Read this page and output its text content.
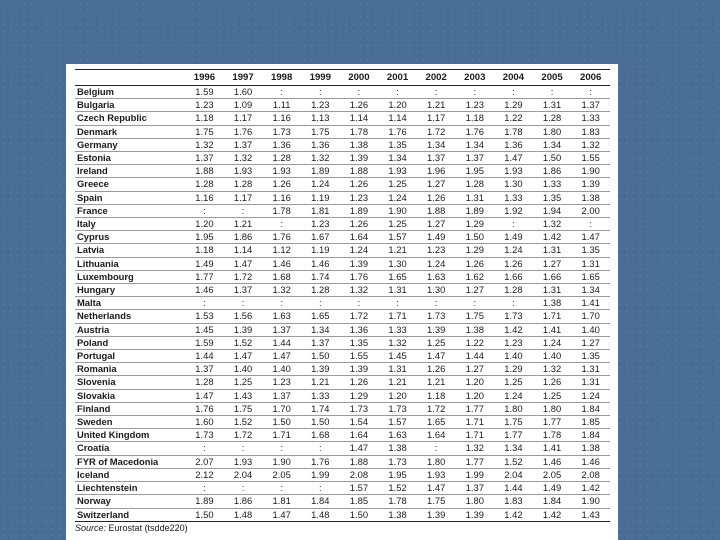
	1996	1997	1998	1999	2000	2001	2002	2003	2004	2005	2006
Belgium	1.59	1.60	:	:	:	:	:	:	:	:	:
Bulgaria	1.23	1.09	1.11	1.23	1.26	1.20	1.21	1.23	1.29	1.31	1.37
Czech Republic	1.18	1.17	1.16	1.13	1.14	1.14	1.17	1.18	1.22	1.28	1.33
Denmark	1.75	1.76	1.73	1.75	1.78	1.76	1.72	1.76	1.78	1.80	1.83
Germany	1.32	1.37	1.36	1.36	1.38	1.35	1.34	1.34	1.36	1.34	1.32
Estonia	1.37	1.32	1.28	1.32	1.39	1.34	1.37	1.37	1.47	1.50	1.55
Ireland	1.88	1.93	1.93	1.89	1.88	1.93	1.96	1.95	1.93	1.86	1.90
Greece	1.28	1.28	1.26	1.24	1.26	1.25	1.27	1.28	1.30	1.33	1.39
Spain	1.16	1.17	1.16	1.19	1.23	1.24	1.26	1.31	1.33	1.35	1.38
France	:	:	1.78	1.81	1.89	1.90	1.88	1.89	1.92	1.94	2.00
Italy	1.20	1.21	:	1.23	1.26	1.25	1.27	1.29	:	1.32	:
Cyprus	1.95	1.86	1.76	1.67	1.64	1.57	1.49	1.50	1.49	1.42	1.47
Latvia	1.18	1.14	1.12	1.19	1.24	1.21	1.23	1.29	1.24	1.31	1.35
Lithuania	1.49	1.47	1.46	1.46	1.39	1.30	1.24	1.26	1.26	1.27	1.31
Luxembourg	1.77	1.72	1.68	1.74	1.76	1.65	1.63	1.62	1.66	1.66	1.65
Hungary	1.46	1.37	1.32	1.28	1.32	1.31	1.30	1.27	1.28	1.31	1.34
Malta	:	:	:	:	:	:	:	:	:	1.38	1.41
Netherlands	1.53	1.56	1.63	1.65	1.72	1.71	1.73	1.75	1.73	1.71	1.70
Austria	1.45	1.39	1.37	1.34	1.36	1.33	1.39	1.38	1.42	1.41	1.40
Poland	1.59	1.52	1.44	1.37	1.35	1.32	1.25	1.22	1.23	1.24	1.27
Portugal	1.44	1.47	1.47	1.50	1.55	1.45	1.47	1.44	1.40	1.40	1.35
Romania	1.37	1.40	1.40	1.39	1.39	1.31	1.26	1.27	1.29	1.32	1.31
Slovenia	1.28	1.25	1.23	1.21	1.26	1.21	1.21	1.20	1.25	1.26	1.31
Slovakia	1.47	1.43	1.37	1.33	1.29	1.20	1.18	1.20	1.24	1.25	1.24
Finland	1.76	1.75	1.70	1.74	1.73	1.73	1.72	1.77	1.80	1.80	1.84
Sweden	1.60	1.52	1.50	1.50	1.54	1.57	1.65	1.71	1.75	1.77	1.85
United Kingdom	1.73	1.72	1.71	1.68	1.64	1.63	1.64	1.71	1.77	1.78	1.84
Croatia	:	:	:	:	1.47	1.38	:	1.32	1.34	1.41	1.38
FYR of Macedonia	2.07	1.93	1.90	1.76	1.88	1.73	1.80	1.77	1.52	1.46	1.46
Iceland	2.12	2.04	2.05	1.99	2.08	1.95	1.93	1.99	2.04	2.05	2.08
Liechtenstein	:	:	:	:	1.57	1.52	1.47	1.37	1.44	1.49	1.42
Norway	1.89	1.86	1.81	1.84	1.85	1.78	1.75	1.80	1.83	1.84	1.90
Switzerland	1.50	1.48	1.47	1.48	1.50	1.38	1.39	1.39	1.42	1.42	1.43
Source: Eurostat (tsdde220)
